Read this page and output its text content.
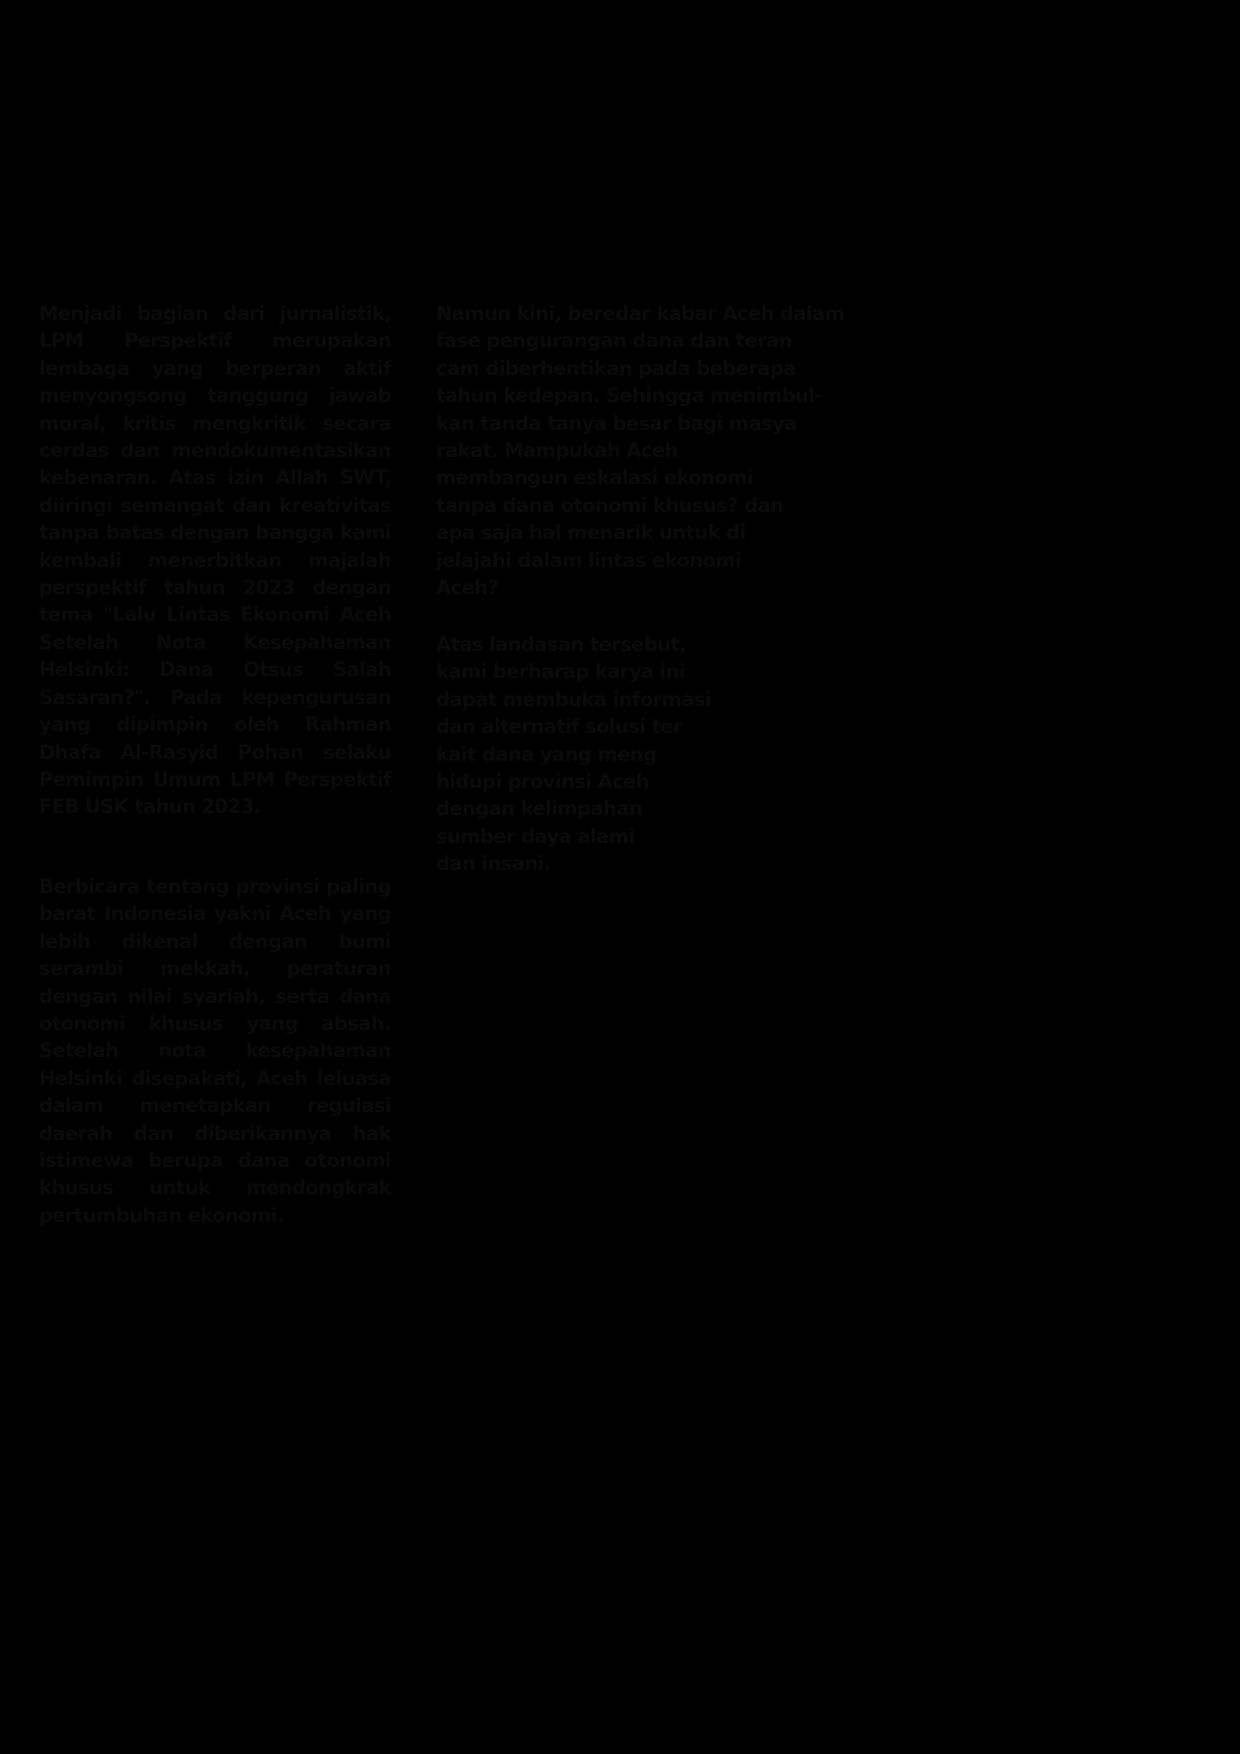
Menjadi bagian dari jurnalistik, LPM Perspektif merupakan lembaga yang berperan aktif menyongsong tanggung jawab moral, kritis mengkritik secara cerdas dan mendokumentasikan kebenaran. Atas izin Allah SWT, diiringi semangat dan kreativitas tanpa batas dengan bangga kami kembali menerbitkan majalah perspektif tahun 2023 dengan tema "Lalu Lintas Ekonomi Aceh Setelah Nota Kesepahaman Helsinki: Dana Otsus Salah Sasaran?". Pada kepengurusan yang dipimpin oleh Rahman Dhafa Al-Rasyid Pohan selaku Pemimpin Umum LPM Perspektif FEB USK tahun 2023.

Berbicara tentang provinsi paling barat Indonesia yakni Aceh yang lebih dikenal dengan bumi serambi mekkah, peraturan dengan nilai syariah, serta dana otonomi khusus yang absah. Setelah nota kesepahaman Helsinki disepakati, Aceh leluasa dalam menetapkan regulasi daerah dan diberikannya hak istimewa berupa dana otonomi khusus untuk mendongkrak pertumbuhan ekonomi.

Namun kini, beredar kabar Aceh dalam
fase pengurangan dana dan teran
cam diberhentikan pada beberapa
tahun kedepan. Sehingga menimbul-
kan tanda tanya besar bagi masya
rakat. Mampukah Aceh
membangun eskalasi ekonomi
tanpa dana otonomi khusus? dan
apa saja hal menarik untuk di
jelajahi dalam lintas ekonomi
Aceh?

Atas landasan tersebut,
kami berharap karya ini
dapat membuka informasi
dan alternatif solusi ter
kait dana yang meng
hidupi provinsi Aceh
dengan kelimpahan
sumber daya alami
dan insani.
